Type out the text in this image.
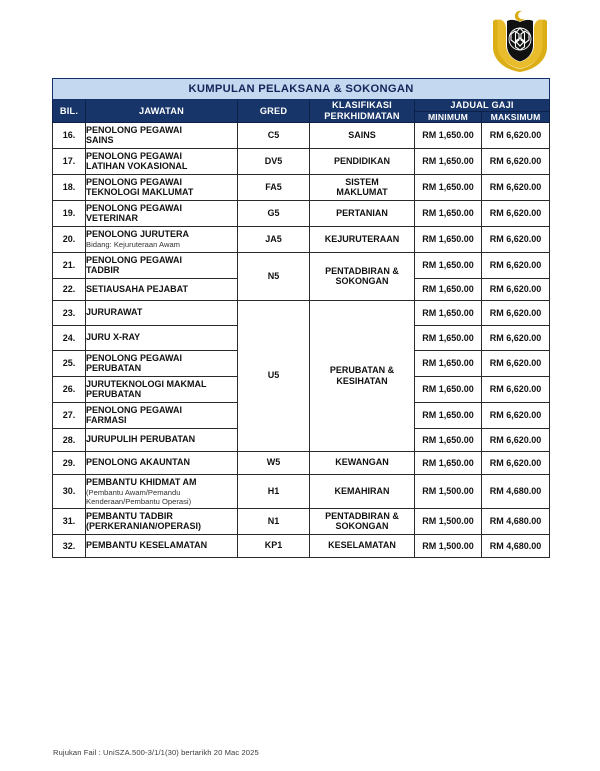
KUMPULAN PELAKSANA & SOKONGAN					
BIL.	JAWATAN	GRED	KLASIFIKASI
PERKHIDMATAN	JADUAL GAJI	
				MINIMUM	MAKSIMUM
16.	PENOLONG PEGAWAI
SAINS	C5	SAINS	RM 1,650.00	RM 6,620.00
17.	PENOLONG PEGAWAI
LATIHAN VOKASIONAL	DV5	PENDIDIKAN	RM 1,650.00	RM 6,620.00
18.	PENOLONG PEGAWAI
TEKNOLOGI MAKLUMAT	FA5	SISTEM
MAKLUMAT	RM 1,650.00	RM 6,620.00
19.	PENOLONG PEGAWAI
VETERINAR	G5	PERTANIAN	RM 1,650.00	RM 6,620.00
20.	PENOLONG JURUTERA
Bidang: Kejuruteraan Awam	JA5	KEJURUTERAAN	RM 1,650.00	RM 6,620.00
21.	PENOLONG PEGAWAI
TADBIR	N5	PENTADBIRAN &
SOKONGAN	RM 1,650.00	RM 6,620.00
22.	SETIAUSAHA PEJABAT			RM 1,650.00	RM 6,620.00
23.	JURURAWAT	U5	PERUBATAN &
KESIHATAN	RM 1,650.00	RM 6,620.00
24.	JURU X-RAY			RM 1,650.00	RM 6,620.00
25.	PENOLONG PEGAWAI
PERUBATAN			RM 1,650.00	RM 6,620.00
26.	JURUTEKNOLOGI MAKMAL
PERUBATAN			RM 1,650.00	RM 6,620.00
27.	PENOLONG PEGAWAI
FARMASI			RM 1,650.00	RM 6,620.00
28.	JURUPULIH PERUBATAN			RM 1,650.00	RM 6,620.00
29.	PENOLONG AKAUNTAN	W5	KEWANGAN	RM 1,650.00	RM 6,620.00
30.	PEMBANTU KHIDMAT AM
(Pembantu Awam/Pemandu Kenderaan/Pembantu Operasi)	H1	KEMAHIRAN	RM 1,500.00	RM 4,680.00
31.	PEMBANTU TADBIR
(PERKERANIAN/OPERASI)	N1	PENTADBIRAN &
SOKONGAN	RM 1,500.00	RM 4,680.00
32.	PEMBANTU KESELAMATAN	KP1	KESELAMATAN	RM 1,500.00	RM 4,680.00
Rujukan Fail : UniSZA.500-3/1/1(30) bertarikh 20 Mac 2025
